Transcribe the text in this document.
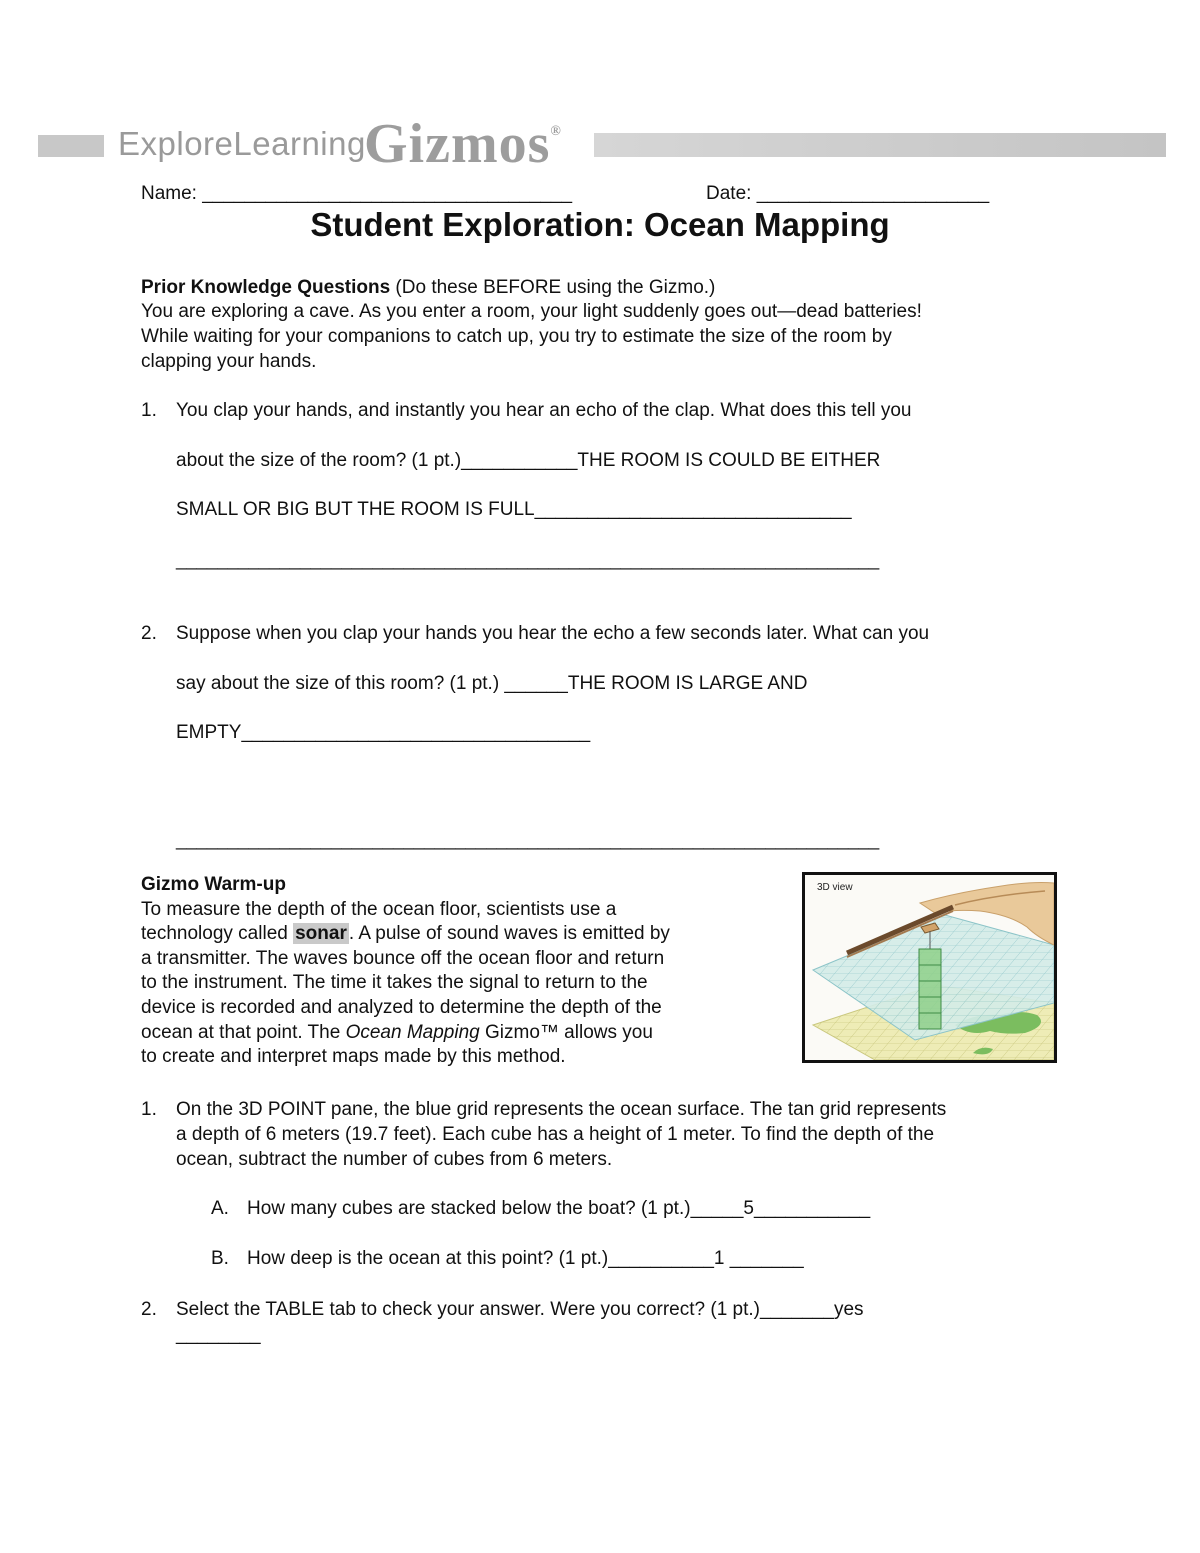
ExploreLearning
Gizmos®
Name: ___________________________________	Date: ______________________
Student Exploration: Ocean Mapping
Prior Knowledge Questions (Do these BEFORE using the Gizmo.)
You are exploring a cave. As you enter a room, your light suddenly goes out—dead batteries!
While waiting for your companions to catch up, you try to estimate the size of the room by
clapping your hands.
1. You clap your hands, and instantly you hear an echo of the clap. What does this tell you
about the size of the room? (1 pt.)___________THE ROOM IS COULD BE EITHER
SMALL OR BIG BUT THE ROOM IS FULL______________________________
____________________________________________________________________
2. Suppose when you clap your hands you hear the echo a few seconds later. What can you
say about the size of this room? (1 pt.) ______THE ROOM IS LARGE AND
EMPTY_________________________________
____________________________________________________________________
Gizmo Warm-up
To measure the depth of the ocean floor, scientists use a
technology called sonar . A pulse of sound waves is emitted by
a transmitter. The waves bounce off the ocean floor and return
to the instrument. The time it takes the signal to return to the
device is recorded and analyzed to determine the depth of the
ocean at that point. The Ocean Mapping Gizmo™ allows you
to create and interpret maps made by this method.
3D view
1. On the 3D POINT pane, the blue grid represents the ocean surface. The tan grid represents
a depth of 6 meters (19.7 feet). Each cube has a height of 1 meter. To find the depth of the
ocean, subtract the number of cubes from 6 meters.
A. How many cubes are stacked below the boat? (1 pt.)_____5___________
B. How deep is the ocean at this point? (1 pt.)__________1 _______
2. Select the TABLE tab to check your answer. Were you correct? (1 pt.)_______yes
________
